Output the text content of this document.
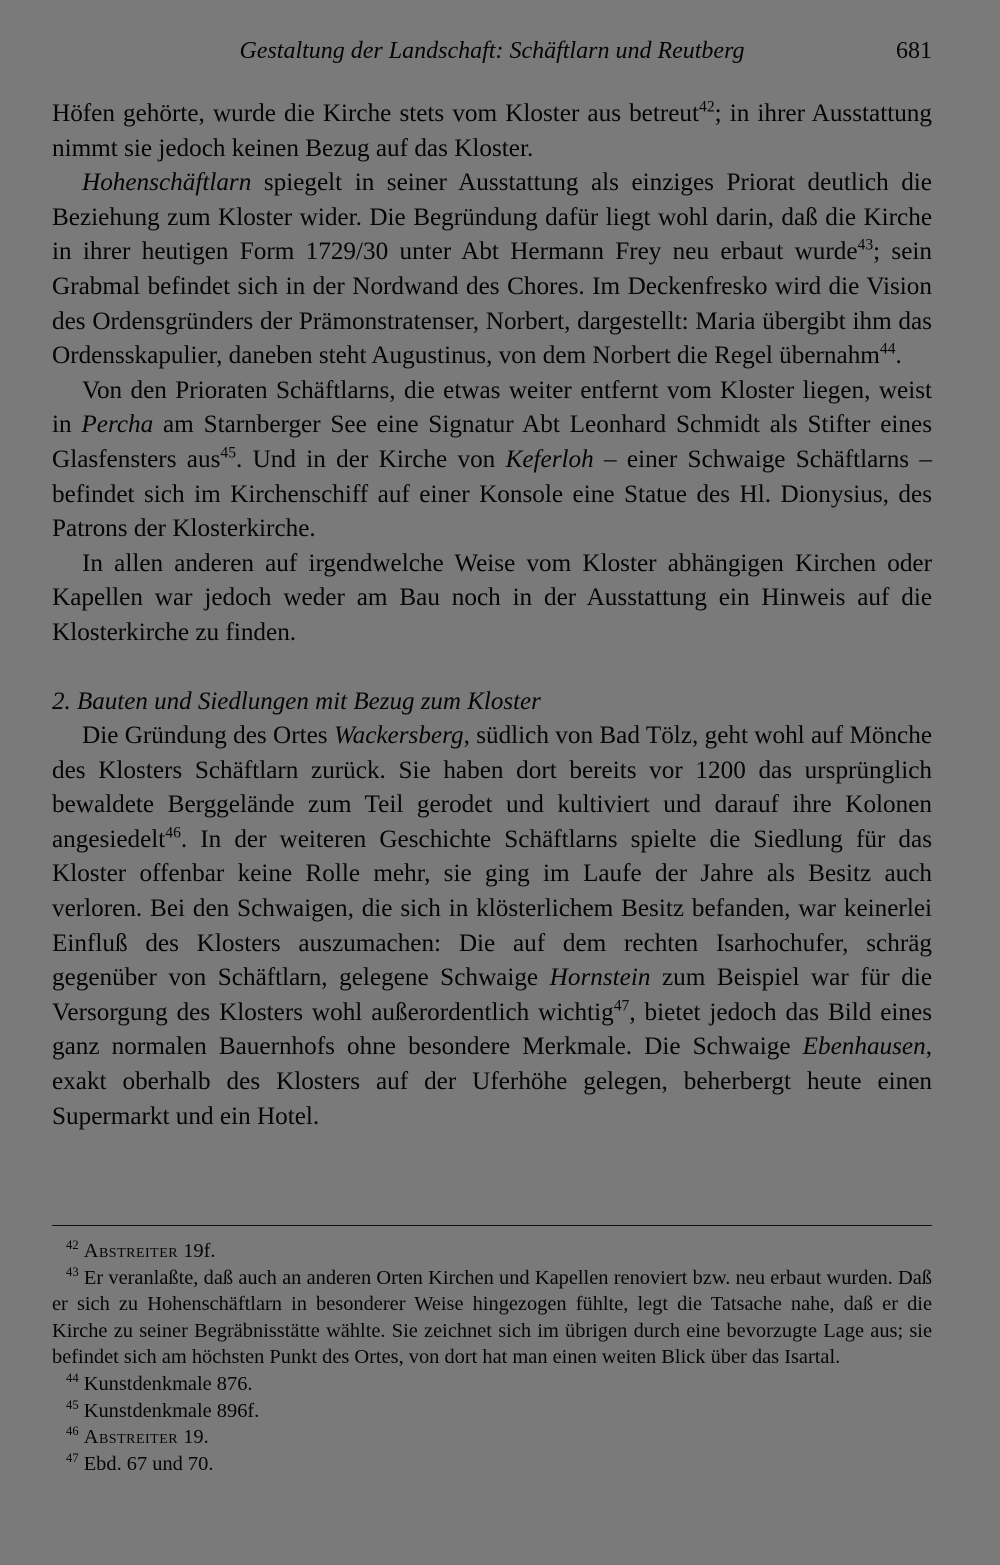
Gestaltung der Landschaft: Schäftlarn und Reutberg	681

Höfen gehörte, wurde die Kirche stets vom Kloster aus betreut$^{42}$; in ihrer Ausstattung nimmt sie jedoch keinen Bezug auf das Kloster.

Hohenschäftlarn spiegelt in seiner Ausstattung als einziges Priorat deutlich die Beziehung zum Kloster wider. Die Begründung dafür liegt wohl darin, daß die Kirche in ihrer heutigen Form 1729/30 unter Abt Hermann Frey neu erbaut wurde$^{43}$; sein Grabmal befindet sich in der Nordwand des Chores. Im Deckenfresko wird die Vision des Ordensgründers der Prämonstratenser, Norbert, dargestellt: Maria übergibt ihm das Ordensskapulier, daneben steht Augustinus, von dem Norbert die Regel übernahm$^{44}$.

Von den Prioraten Schäftlarns, die etwas weiter entfernt vom Kloster liegen, weist in Percha am Starnberger See eine Signatur Abt Leonhard Schmidt als Stifter eines Glasfensters aus$^{45}$. Und in der Kirche von Keferloh – einer Schwaige Schäftlarns – befindet sich im Kirchenschiff auf einer Konsole eine Statue des Hl. Dionysius, des Patrons der Klosterkirche.

In allen anderen auf irgendwelche Weise vom Kloster abhängigen Kirchen oder Kapellen war jedoch weder am Bau noch in der Ausstattung ein Hinweis auf die Klosterkirche zu finden.

2. Bauten und Siedlungen mit Bezug zum Kloster

Die Gründung des Ortes Wackersberg, südlich von Bad Tölz, geht wohl auf Mönche des Klosters Schäftlarn zurück. Sie haben dort bereits vor 1200 das ursprünglich bewaldete Berggelände zum Teil gerodet und kultiviert und darauf ihre Kolonen angesiedelt$^{46}$. In der weiteren Geschichte Schäftlarns spielte die Siedlung für das Kloster offenbar keine Rolle mehr, sie ging im Laufe der Jahre als Besitz auch verloren. Bei den Schwaigen, die sich in klösterlichem Besitz befanden, war keinerlei Einfluß des Klosters auszumachen: Die auf dem rechten Isarhochufer, schräg gegenüber von Schäftlarn, gelegene Schwaige Hornstein zum Beispiel war für die Versorgung des Klosters wohl außerordentlich wichtig$^{47}$, bietet jedoch das Bild eines ganz normalen Bauernhofs ohne besondere Merkmale. Die Schwaige Ebenhausen, exakt oberhalb des Klosters auf der Uferhöhe gelegen, beherbergt heute einen Supermarkt und ein Hotel.

$^{42}$ Abstreiter 19f.

$^{43}$ Er veranlaßte, daß auch an anderen Orten Kirchen und Kapellen renoviert bzw. neu erbaut wurden. Daß er sich zu Hohenschäftlarn in besonderer Weise hingezogen fühlte, legt die Tatsache nahe, daß er die Kirche zu seiner Begräbnisstätte wählte. Sie zeichnet sich im übrigen durch eine bevorzugte Lage aus; sie befindet sich am höchsten Punkt des Ortes, von dort hat man einen weiten Blick über das Isartal.

$^{44}$ Kunstdenkmale 876.

$^{45}$ Kunstdenkmale 896f.

$^{46}$ Abstreiter 19.

$^{47}$ Ebd. 67 und 70.
